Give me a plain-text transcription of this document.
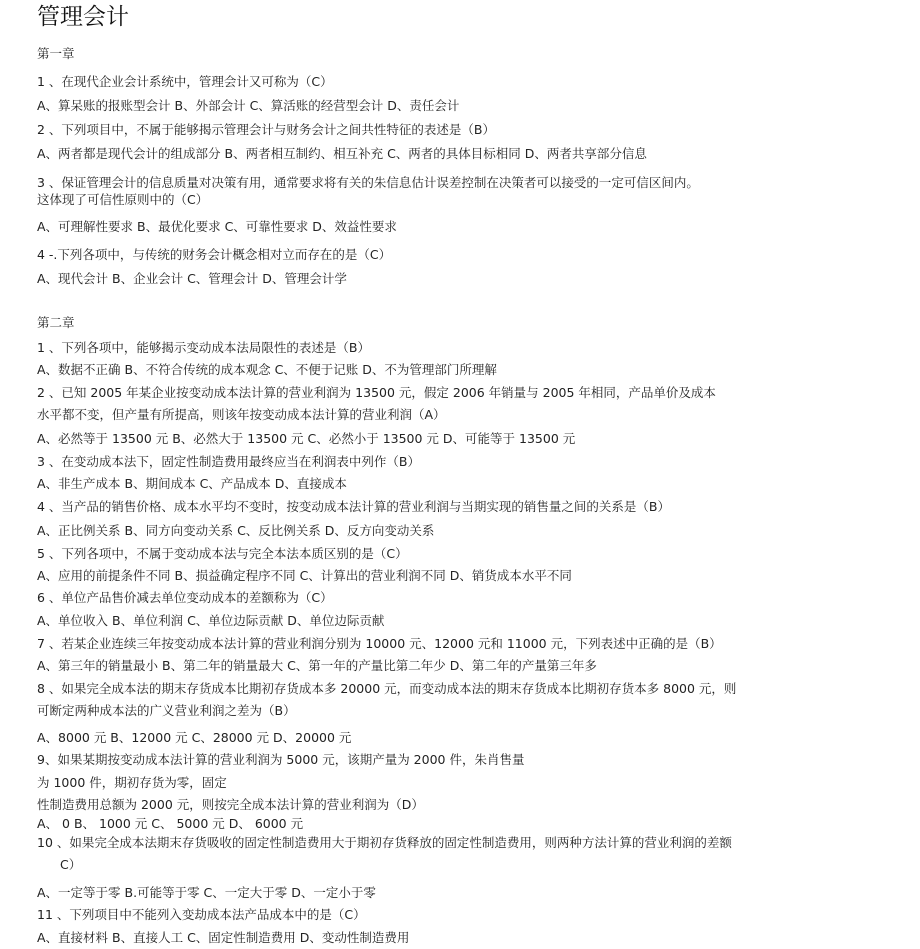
管理会计
第一章
1 、在现代企业会计系统中，管理会计又可称为（C）
A、算呆账的报账型会计 B、外部会计 C、算活账的经营型会计 D、责任会计
2 、下列项目中，不属于能够揭示管理会计与财务会计之间共性特征的表述是（B）
A、两者都是现代会计的组成部分 B、两者相互制约、相互补充 C、两者的具体目标相同 D、两者共享部分信息
3 、保证管理会计的信息质量对决策有用，通常要求将有关的朱信息估计误差控制在决策者可以接受的一定可信区间内。
这体现了可信性原则中的（C）
A、可理解性要求 B、最优化要求 C、可靠性要求 D、效益性要求
4 -.下列各项中，与传统的财务会计概念相对立而存在的是（C）
A、现代会计 B、企业会计 C、管理会计 D、管理会计学
第二章
1 、下列各项中，能够揭示变动成本法局限性的表述是（B）
A、数据不正确 B、不符合传统的成本观念 C、不便于记账 D、不为管理部门所理解
2 、已知 2005 年某企业按变动成本法计算的营业利润为 13500 元，假定 2006 年销量与 2005 年相同，产品单价及成本
水平都不变，但产量有所提高，则该年按变动成本法计算的营业利润（A）
A、必然等于 13500 元 B、必然大于 13500 元 C、必然小于 13500 元 D、可能等于 13500 元
3 、在变动成本法下，固定性制造费用最终应当在利润表中列作（B）
A、非生产成本 B、期间成本 C、产品成本 D、直接成本
4 、当产品的销售价格、成本水平均不变时，按变动成本法计算的营业利润与当期实现的销售量之间的关系是（B）
A、正比例关系 B、同方向变动关系 C、反比例关系 D、反方向变动关系
5 、下列各项中，不属于变动成本法与完全本法本质区别的是（C）
A、应用的前提条件不同 B、损益确定程序不同 C、计算出的营业利润不同 D、销货成本水平不同
6 、单位产品售价减去单位变动成本的差额称为（C）
A、单位收入 B、单位利润 C、单位边际贡献 D、单位边际贡献
7 、若某企业连续三年按变动成本法计算的营业利润分别为 10000 元、12000 元和 11000 元，下列表述中正确的是（B）
A、第三年的销量最小 B、第二年的销量最大 C、第一年的产量比第二年少 D、第二年的产量第三年多
8 、如果完全成本法的期末存货成本比期初存货成本多 20000 元，而变动成本法的期末存货成本比期初存货本多 8000 元，则
可断定两种成本法的广义营业利润之差为（B）
A、8000 元 B、12000 元 C、28000 元 D、20000 元
9、如果某期按变动成本法计算的营业利润为 5000 元，该期产量为 2000 件，朱肖售量
为 1000 件，期初存货为零，固定
性制造费用总额为 2000 元，则按完全成本法计算的营业利润为（D）
A、 0 B、 1000 元 C、 5000 元 D、 6000 元
10 、如果完全成本法期末存货吸收的固定性制造费用大于期初存货释放的固定性制造费用，则两种方法计算的营业利润的差额
C）
A、一定等于零 B.可能等于零 C、一定大于零 D、一定小于零
11 、下列项目中不能列入变劫成本法产品成本中的是（C）
A、直接材料 B、直接人工 C、固定性制造费用 D、变动性制造费用
